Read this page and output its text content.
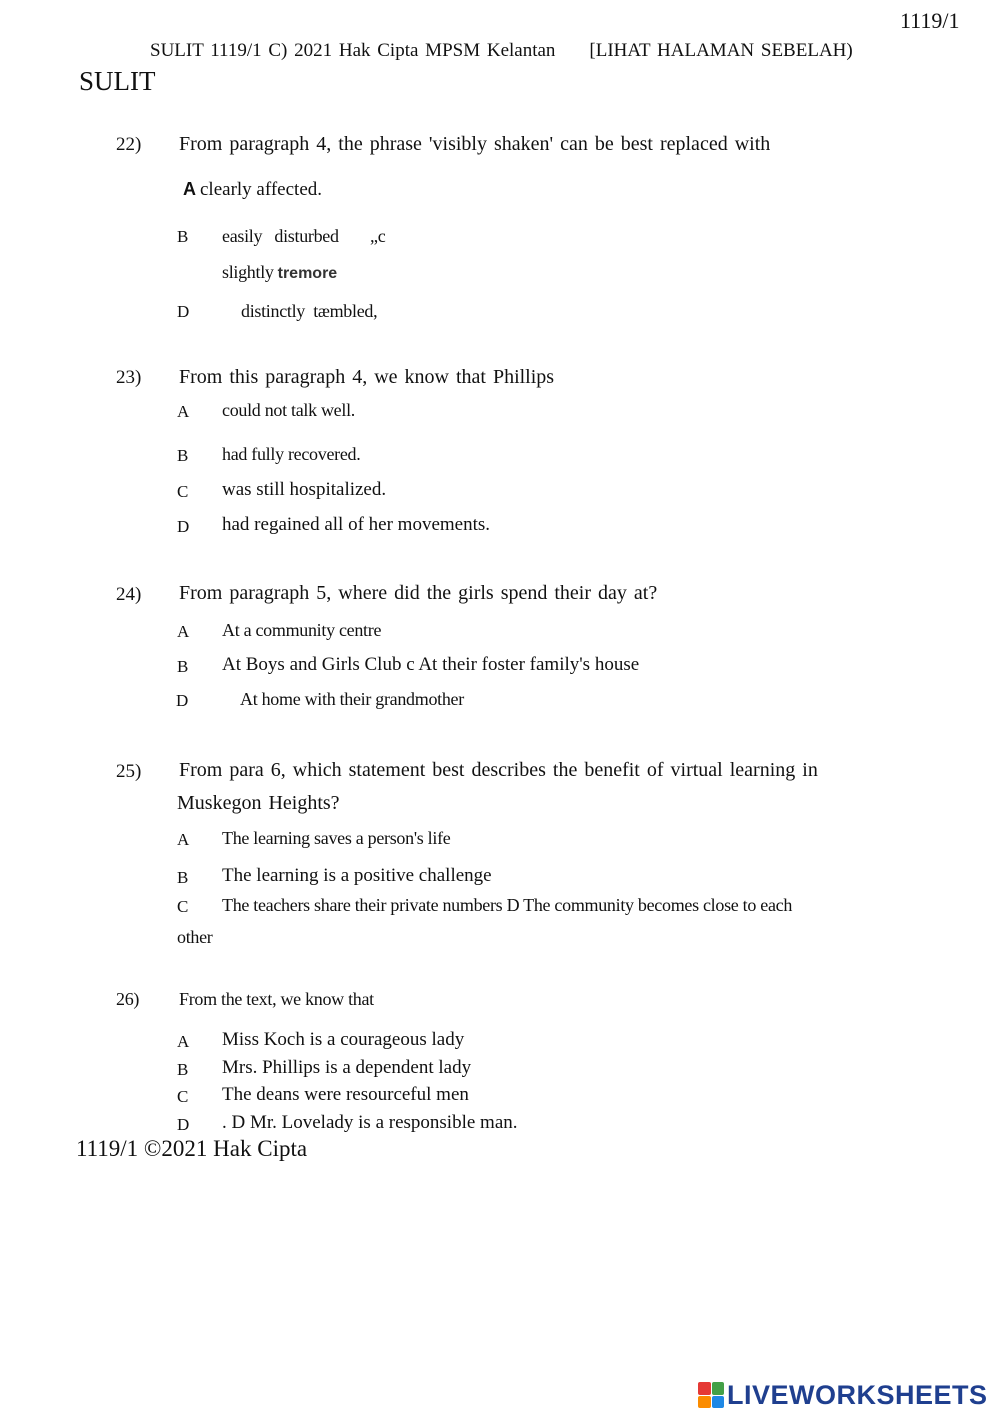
1119/1
SULIT 1119/1 C) 2021 Hak Cipta MPSM Kelantan [LIHAT HALAMAN SEBELAH)
SULIT
22) From paragraph 4, the phrase 'visibly shaken' can be best replaced with
A clearly affected.
B easily disturbed „c
slightly tremore
D	distinctly tæmbled,
23) From this paragraph 4, we know that Phillips
A could not talk well.
B had fully recovered.
C was still hospitalized.
D had regained all of her movements.
24) From paragraph 5, where did the girls spend their day at?
A At a community centre
B At Boys and Girls Club c At their foster family's house
D	At home with their grandmother
25) From para 6, which statement best describes the benefit of virtual learning in
Muskegon Heights?
A The learning saves a person's life
B The learning is a positive challenge
C The teachers share their private numbers D The community becomes close to each
other
26) From the text, we know that
A Miss Koch is a courageous lady
B Mrs. Phillips is a dependent lady
C The deans were resourceful men
D . D Mr. Lovelady is a responsible man.
1119/1 ©2021 Hak Cipta
LIVEWORKSHEETS
